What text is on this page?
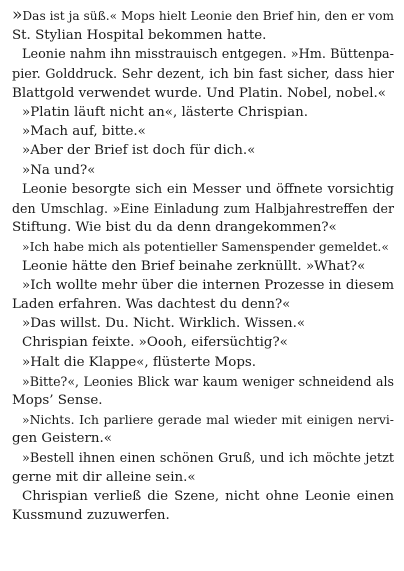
»Das ist ja süß.« Mops hielt Leonie den Brief hin, den er vom
St. Stylian Hospital bekommen hatte.
Leonie nahm ihn misstrauisch entgegen. »Hm. Büttenpa-
pier. Golddruck. Sehr dezent, ich bin fast sicher, dass hier
Blattgold verwendet wurde. Und Platin. Nobel, nobel.«
»Platin läuft nicht an«, lästerte Chrispian.
»Mach auf, bitte.«
»Aber der Brief ist doch für dich.«
»Na und?«
Leonie besorgte sich ein Messer und öffnete vorsichtig
den Umschlag. »Eine Einladung zum Halbjahrestreffen der
Stiftung. Wie bist du da denn drangekommen?«
»Ich habe mich als potentieller Samenspender gemeldet.«
Leonie hätte den Brief beinahe zerknüllt. »What?«
»Ich wollte mehr über die internen Prozesse in diesem
Laden erfahren. Was dachtest du denn?«
»Das willst. Du. Nicht. Wirklich. Wissen.«
Chrispian feixte. »Oooh, eifersüchtig?«
»Halt die Klappe«, flüsterte Mops.
»Bitte?«, Leonies Blick war kaum weniger schneidend als
Mops’ Sense.
»Nichts. Ich parliere gerade mal wieder mit einigen nervi-
gen Geistern.«
»Bestell ihnen einen schönen Gruß, und ich möchte jetzt
gerne mit dir alleine sein.«
Chrispian verließ die Szene, nicht ohne Leonie einen
Kussmund zuzuwerfen.
